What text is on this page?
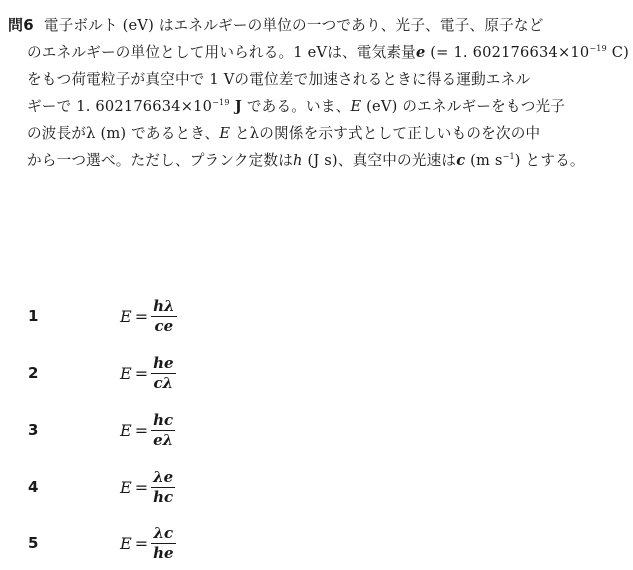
問6 電子ボルト (eV) はエネルギーの単位の一つであり、光子、電子、原子など
のエネルギーの単位として用いられる。1 eVは、電気素量e (= 1. $602176634\times 10^{-19}$ C)
をもつ荷電粒子が真空中で 1 Vの電位差で加速されるときに得る運動エネル
ギーで 1. $602176634\times 10^{-19}$ J である。いま、E (eV) のエネルギーをもつ光子
の波長がλ (m) であるとき、E とλの関係を示す式として正しいものを次の中
から一つ選べ。ただし、プランク定数はh (J s)、真空中の光速はc (m $s^{-1}$) とする。
1	$E = \frac{h\lambda}{ce}$
2	$E = \frac{he}{c\lambda}$
3	$E = \frac{hc}{e\lambda}$
4	$E = \frac{\lambda e}{hc}$
5	$E = \frac{\lambda c}{he}$
